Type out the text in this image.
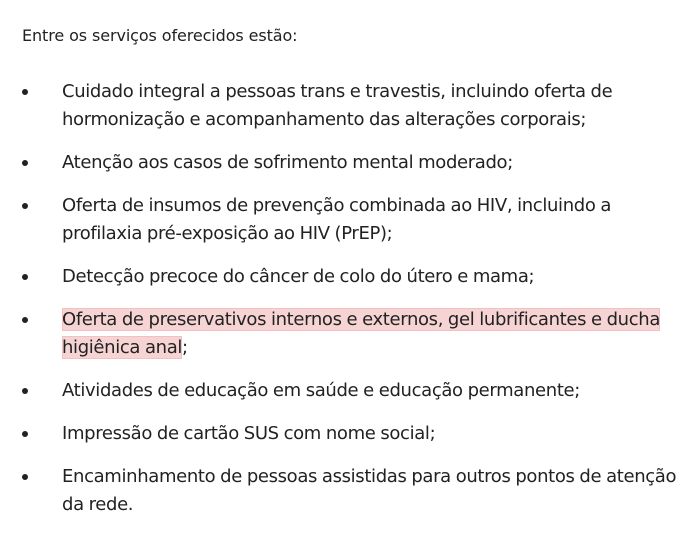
Entre os serviços oferecidos estão:

Cuidado integral a pessoas trans e travestis, incluindo oferta de hormonização e acompanhamento das alterações corporais;
Atenção aos casos de sofrimento mental moderado;
Oferta de insumos de prevenção combinada ao HIV, incluindo a profilaxia pré-exposição ao HIV (PrEP);
Detecção precoce do câncer de colo do útero e mama;
Oferta de preservativos internos e externos, gel lubrificantes e ducha higiênica anal;
Atividades de educação em saúde e educação permanente;
Impressão de cartão SUS com nome social;
Encaminhamento de pessoas assistidas para outros pontos de atenção da rede.
